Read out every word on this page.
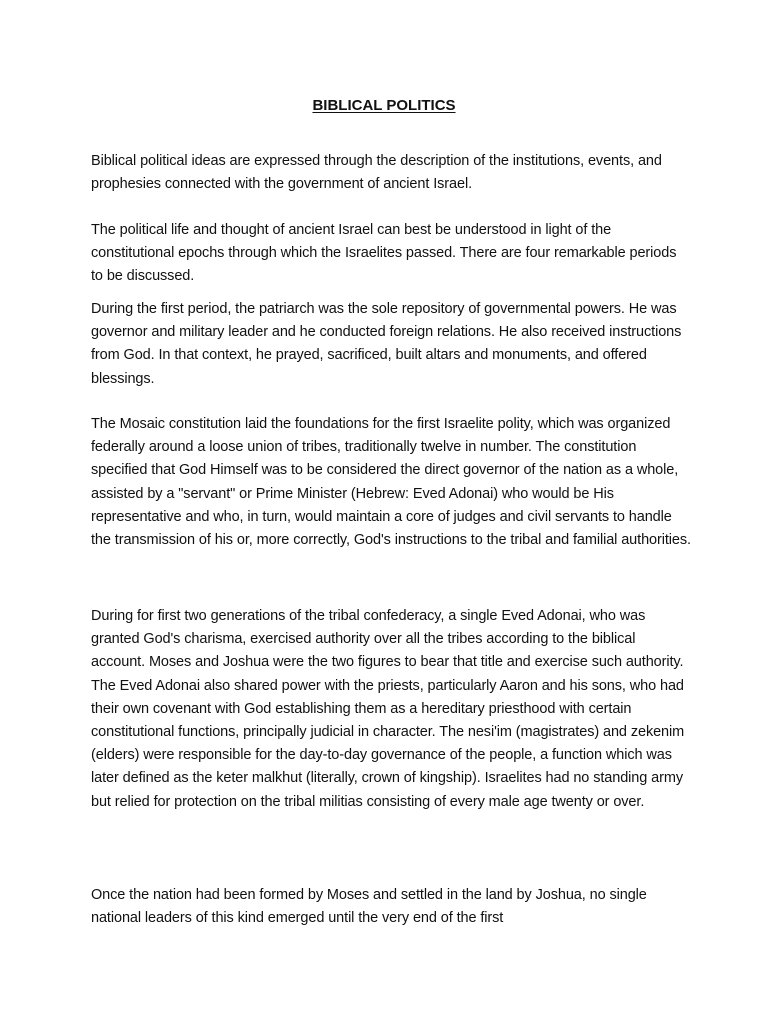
BIBLICAL POLITICS

Biblical political ideas are expressed through the description of the institutions, events, and prophesies connected with the government of ancient Israel.

The political life and thought of ancient Israel can best be understood in light of the constitutional epochs through which the Israelites passed. There are four remarkable periods to be discussed.

During the first period, the patriarch was the sole repository of governmental powers. He was governor and military leader and he conducted foreign relations. He also received instructions from God. In that context, he prayed, sacrificed, built altars and monuments, and offered blessings.

The Mosaic constitution laid the foundations for the first Israelite polity, which was organized federally around a loose union of tribes, traditionally twelve in number. The constitution specified that God Himself was to be considered the direct governor of the nation as a whole, assisted by a "servant" or Prime Minister (Hebrew: Eved Adonai) who would be His representative and who, in turn, would maintain a core of judges and civil servants to handle the transmission of his or, more correctly, God's instructions to the tribal and familial authorities.

During for first two generations of the tribal confederacy, a single Eved Adonai, who was granted God's charisma, exercised authority over all the tribes according to the biblical account. Moses and Joshua were the two figures to bear that title and exercise such authority. The Eved Adonai also shared power with the priests, particularly Aaron and his sons, who had their own covenant with God establishing them as a hereditary priesthood with certain constitutional functions, principally judicial in character. The nesi'im (magistrates) and zekenim (elders) were responsible for the day-to-day governance of the people, a function which was later defined as the keter malkhut (literally, crown of kingship). Israelites had no standing army but relied for protection on the tribal militias consisting of every male age twenty or over.

Once the nation had been formed by Moses and settled in the land by Joshua, no single national leaders of this kind emerged until the very end of the first
